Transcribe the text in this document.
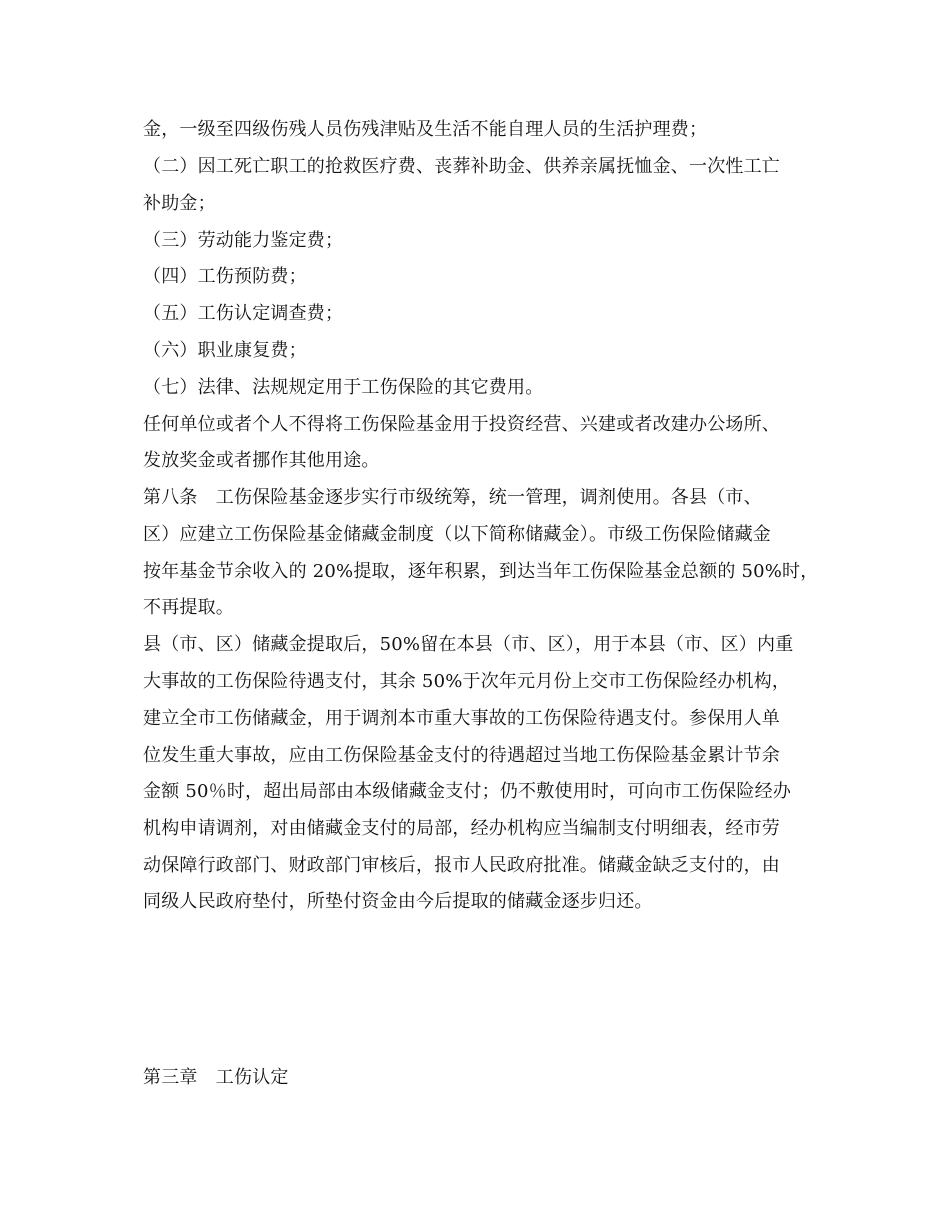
金，一级至四级伤残人员伤残津贴及生活不能自理人员的生活护理费；
（二）因工死亡职工的抢救医疗费、丧葬补助金、供养亲属抚恤金、一次性工亡
补助金；
（三）劳动能力鉴定费；
（四）工伤预防费；
（五）工伤认定调查费；
（六）职业康复费；
（七）法律、法规规定用于工伤保险的其它费用。
任何单位或者个人不得将工伤保险基金用于投资经营、兴建或者改建办公场所、
发放奖金或者挪作其他用途。
第八条　工伤保险基金逐步实行市级统筹，统一管理，调剂使用。各县（市、
区）应建立工伤保险基金储藏金制度（以下简称储藏金）。市级工伤保险储藏金
按年基金节余收入的 20%提取，逐年积累，到达当年工伤保险基金总额的 50%时，
不再提取。
县（市、区）储藏金提取后，50%留在本县（市、区），用于本县（市、区）内重
大事故的工伤保险待遇支付，其余 50%于次年元月份上交市工伤保险经办机构，
建立全市工伤储藏金，用于调剂本市重大事故的工伤保险待遇支付。参保用人单
位发生重大事故，应由工伤保险基金支付的待遇超过当地工伤保险基金累计节余
金额 50％时，超出局部由本级储藏金支付；仍不敷使用时，可向市工伤保险经办
机构申请调剂，对由储藏金支付的局部，经办机构应当编制支付明细表，经市劳
动保障行政部门、财政部门审核后，报市人民政府批准。储藏金缺乏支付的，由
同级人民政府垫付，所垫付资金由今后提取的储藏金逐步归还。
第三章　工伤认定
